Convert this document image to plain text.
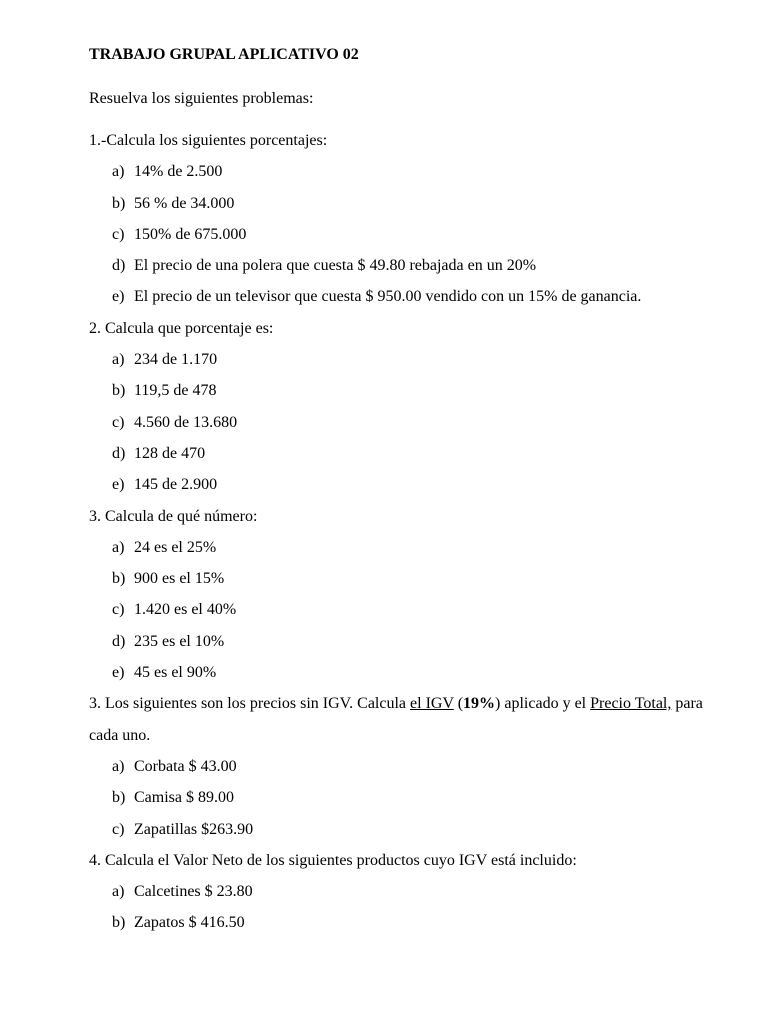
TRABAJO GRUPAL APLICATIVO 02
Resuelva los siguientes problemas:
1.-Calcula los siguientes porcentajes:
a) 14% de 2.500
b) 56 % de 34.000
c) 150% de 675.000
d) El precio de una polera que cuesta $ 49.80 rebajada en un 20%
e) El precio de un televisor que cuesta $ 950.00 vendido con un 15% de ganancia.
2. Calcula que porcentaje es:
a) 234 de 1.170
b) 119,5 de 478
c) 4.560 de 13.680
d) 128 de 470
e) 145 de 2.900
3. Calcula de qué número:
a) 24 es el 25%
b) 900 es el 15%
c) 1.420 es el 40%
d) 235 es el 10%
e) 45 es el 90%
3. Los siguientes son los precios sin IGV. Calcula el IGV (19%) aplicado y el Precio Total, para cada uno.
a) Corbata $ 43.00
b) Camisa $ 89.00
c) Zapatillas $263.90
4. Calcula el Valor Neto de los siguientes productos cuyo IGV está incluido:
a) Calcetines $ 23.80
b) Zapatos $ 416.50
